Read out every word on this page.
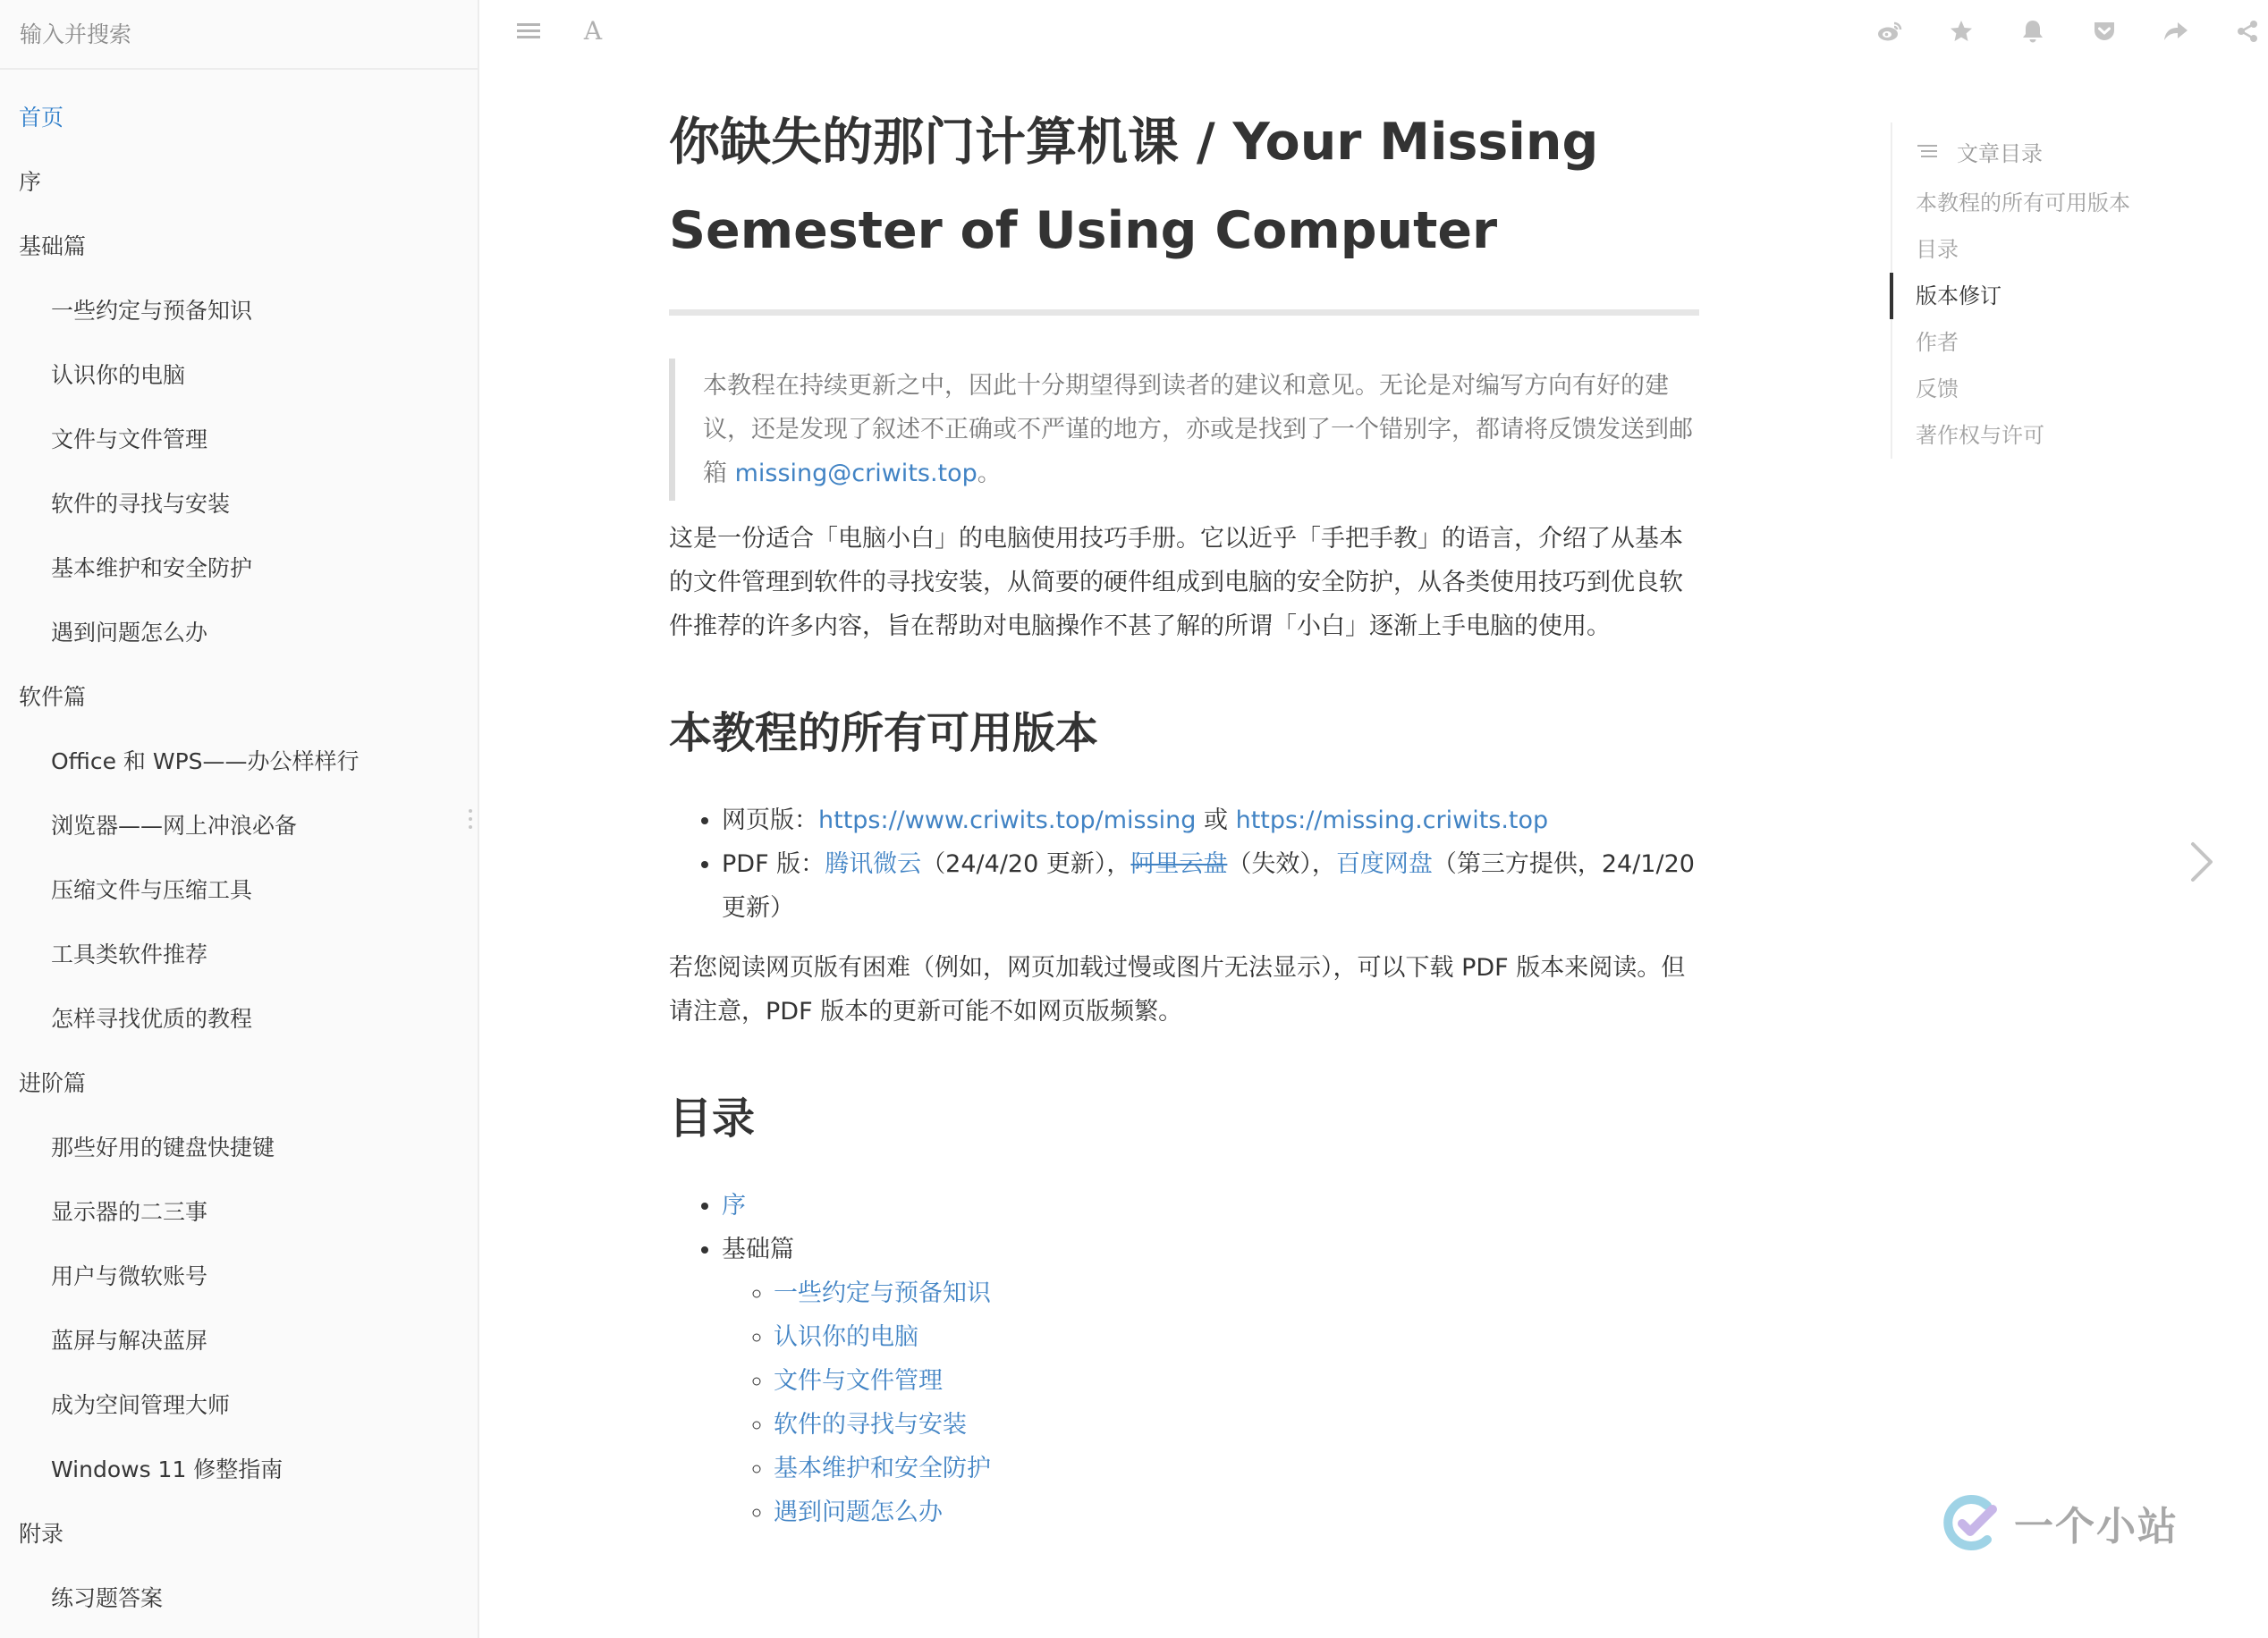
输入并搜索
首页
序
基础篇
一些约定与预备知识
认识你的电脑
文件与文件管理
软件的寻找与安装
基本维护和安全防护
遇到问题怎么办
软件篇
Office 和 WPS——办公样样行
浏览器——网上冲浪必备
压缩文件与压缩工具
工具类软件推荐
怎样寻找优质的教程
进阶篇
那些好用的键盘快捷键
显示器的二三事
用户与微软账号
蓝屏与解决蓝屏
成为空间管理大师
Windows 11 修整指南
附录
练习题答案
A
你缺失的那门计算机课 / Your Missing Semester of Using Computer
本教程在持续更新之中，因此十分期望得到读者的建议和意见。无论是对编写方向有好的建议，还是发现了叙述不正确或不严谨的地方，亦或是找到了一个错别字，都请将反馈发送到邮箱 missing@criwits.top。

这是一份适合「电脑小白」的电脑使用技巧手册。它以近乎「手把手教」的语言，介绍了从基本的文件管理到软件的寻找安装，从简要的硬件组成到电脑的安全防护，从各类使用技巧到优良软件推荐的许多内容，旨在帮助对电脑操作不甚了解的所谓「小白」逐渐上手电脑的使用。

本教程的所有可用版本
• 网页版：https://www.criwits.top/missing 或 https://missing.criwits.top
• PDF 版：腾讯微云（24/4/20 更新），阿里云盘（失效），百度网盘（第三方提供，24/1/20 更新）

若您阅读网页版有困难（例如，网页加载过慢或图片无法显示），可以下载 PDF 版本来阅读。但请注意，PDF 版本的更新可能不如网页版频繁。

目录
• 序
• 基础篇
◦ 一些约定与预备知识
◦ 认识你的电脑
◦ 文件与文件管理
◦ 软件的寻找与安装
◦ 基本维护和安全防护
◦ 遇到问题怎么办
文章目录
本教程的所有可用版本
目录
版本修订
作者
反馈
著作权与许可
一个小站
